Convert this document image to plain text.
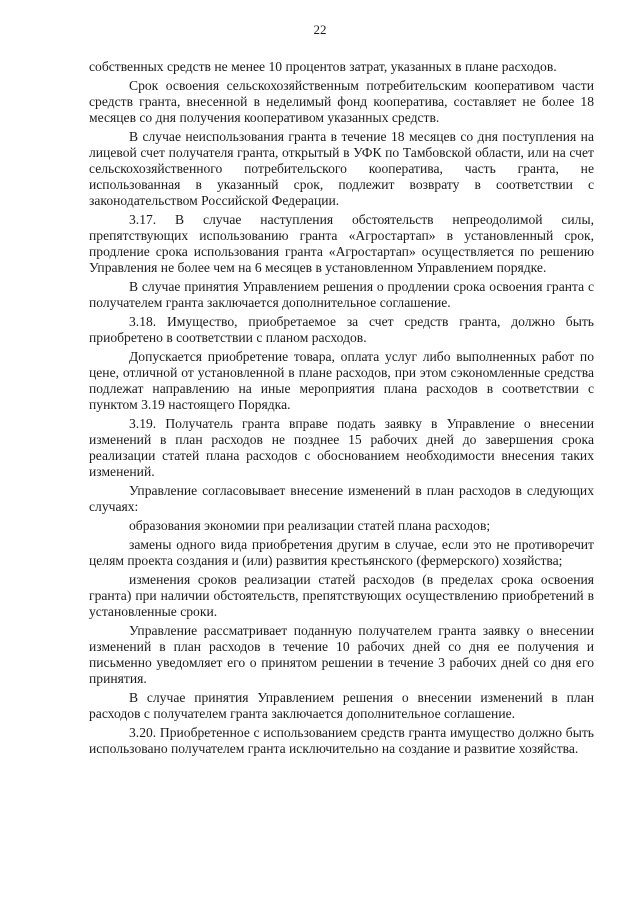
22

собственных средств не менее 10 процентов затрат, указанных в плане расходов.

Срок освоения сельскохозяйственным потребительским кооперативом части средств гранта, внесенной в неделимый фонд кооператива, составляет не более 18 месяцев со дня получения кооперативом указанных средств.

В случае неиспользования гранта в течение 18 месяцев со дня поступления на лицевой счет получателя гранта, открытый в УФК по Тамбовской области, или на счет сельскохозяйственного потребительского кооператива, часть гранта, не использованная в указанный срок, подлежит возврату в соответствии с законодательством Российской Федерации.

3.17. В случае наступления обстоятельств непреодолимой силы, препятствующих использованию гранта «Агростартап» в установленный срок, продление срока использования гранта «Агростартап» осуществляется по решению Управления не более чем на 6 месяцев в установленном Управлением порядке.

В случае принятия Управлением решения о продлении срока освоения гранта с получателем гранта заключается дополнительное соглашение.

3.18. Имущество, приобретаемое за счет средств гранта, должно быть приобретено в соответствии с планом расходов.

Допускается приобретение товара, оплата услуг либо выполненных работ по цене, отличной от установленной в плане расходов, при этом сэкономленные средства подлежат направлению на иные мероприятия плана расходов в соответствии с пунктом 3.19 настоящего Порядка.

3.19. Получатель гранта вправе подать заявку в Управление о внесении изменений в план расходов не позднее 15 рабочих дней до завершения срока реализации статей плана расходов с обоснованием необходимости внесения таких изменений.

Управление согласовывает внесение изменений в план расходов в следующих случаях:

образования экономии при реализации статей плана расходов;

замены одного вида приобретения другим в случае, если это не противоречит целям проекта создания и (или) развития крестьянского (фермерского) хозяйства;

изменения сроков реализации статей расходов (в пределах срока освоения гранта) при наличии обстоятельств, препятствующих осуществлению приобретений в установленные сроки.

Управление рассматривает поданную получателем гранта заявку о внесении изменений в план расходов в течение 10 рабочих дней со дня ее получения и письменно уведомляет его о принятом решении в течение 3 рабочих дней со дня его принятия.

В случае принятия Управлением решения о внесении изменений в план расходов с получателем гранта заключается дополнительное соглашение.

3.20. Приобретенное с использованием средств гранта имущество должно быть использовано получателем гранта исключительно на создание и развитие хозяйства.
